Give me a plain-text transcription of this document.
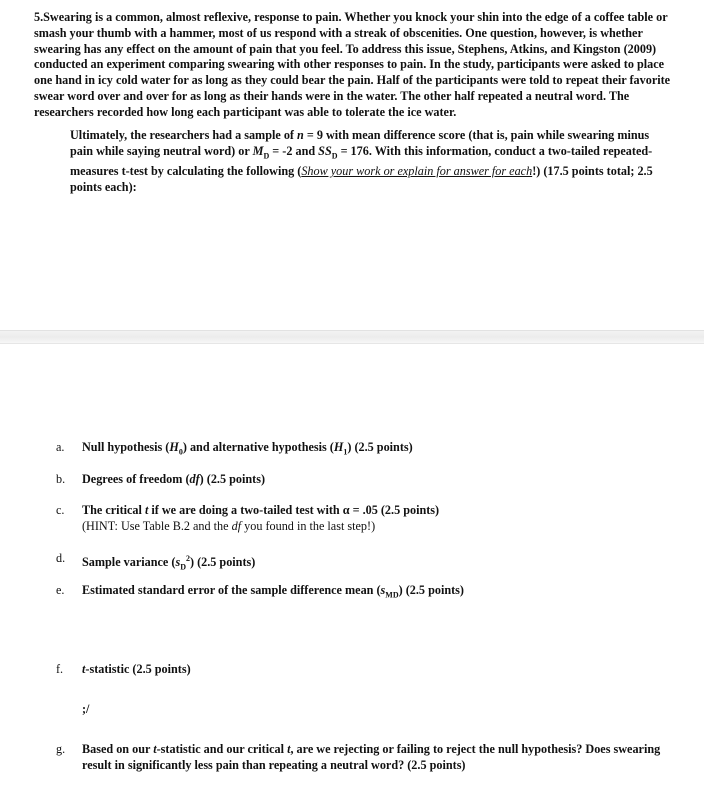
5.Swearing is a common, almost reflexive, response to pain. Whether you knock your shin into the edge of a coffee table or smash your thumb with a hammer, most of us respond with a streak of obscenities. One question, however, is whether swearing has any effect on the amount of pain that you feel. To address this issue, Stephens, Atkins, and Kingston (2009) conducted an experiment comparing swearing with other responses to pain. In the study, participants were asked to place one hand in icy cold water for as long as they could bear the pain. Half of the participants were told to repeat their favorite swear word over and over for as long as their hands were in the water. The other half repeated a neutral word. The researchers recorded how long each participant was able to tolerate the ice water.

Ultimately, the researchers had a sample of n = 9 with mean difference score (that is, pain while swearing minus pain while saying neutral word) or $M_D = -2$ and $SS_D = 176$. With this information, conduct a two-tailed repeated-measures t-test by calculating the following (Show your work or explain for answer for each!) (17.5 points total; 2.5 points each):

a. Null hypothesis $(H_0)$ and alternative hypothesis $(H_1)$ (2.5 points)
b. Degrees of freedom (df) (2.5 points)
c. The critical t if we are doing a two-tailed test with α = .05 (2.5 points)
(HINT: Use Table B.2 and the df you found in the last step!)
d. Sample variance $(s_D^2)$ (2.5 points)
e. Estimated standard error of the sample difference mean $(s_{MD})$ (2.5 points)
f. t-statistic (2.5 points)
;/
g. Based on our t-statistic and our critical t, are we rejecting or failing to reject the null hypothesis? Does swearing result in significantly less pain than repeating a neutral word? (2.5 points)
